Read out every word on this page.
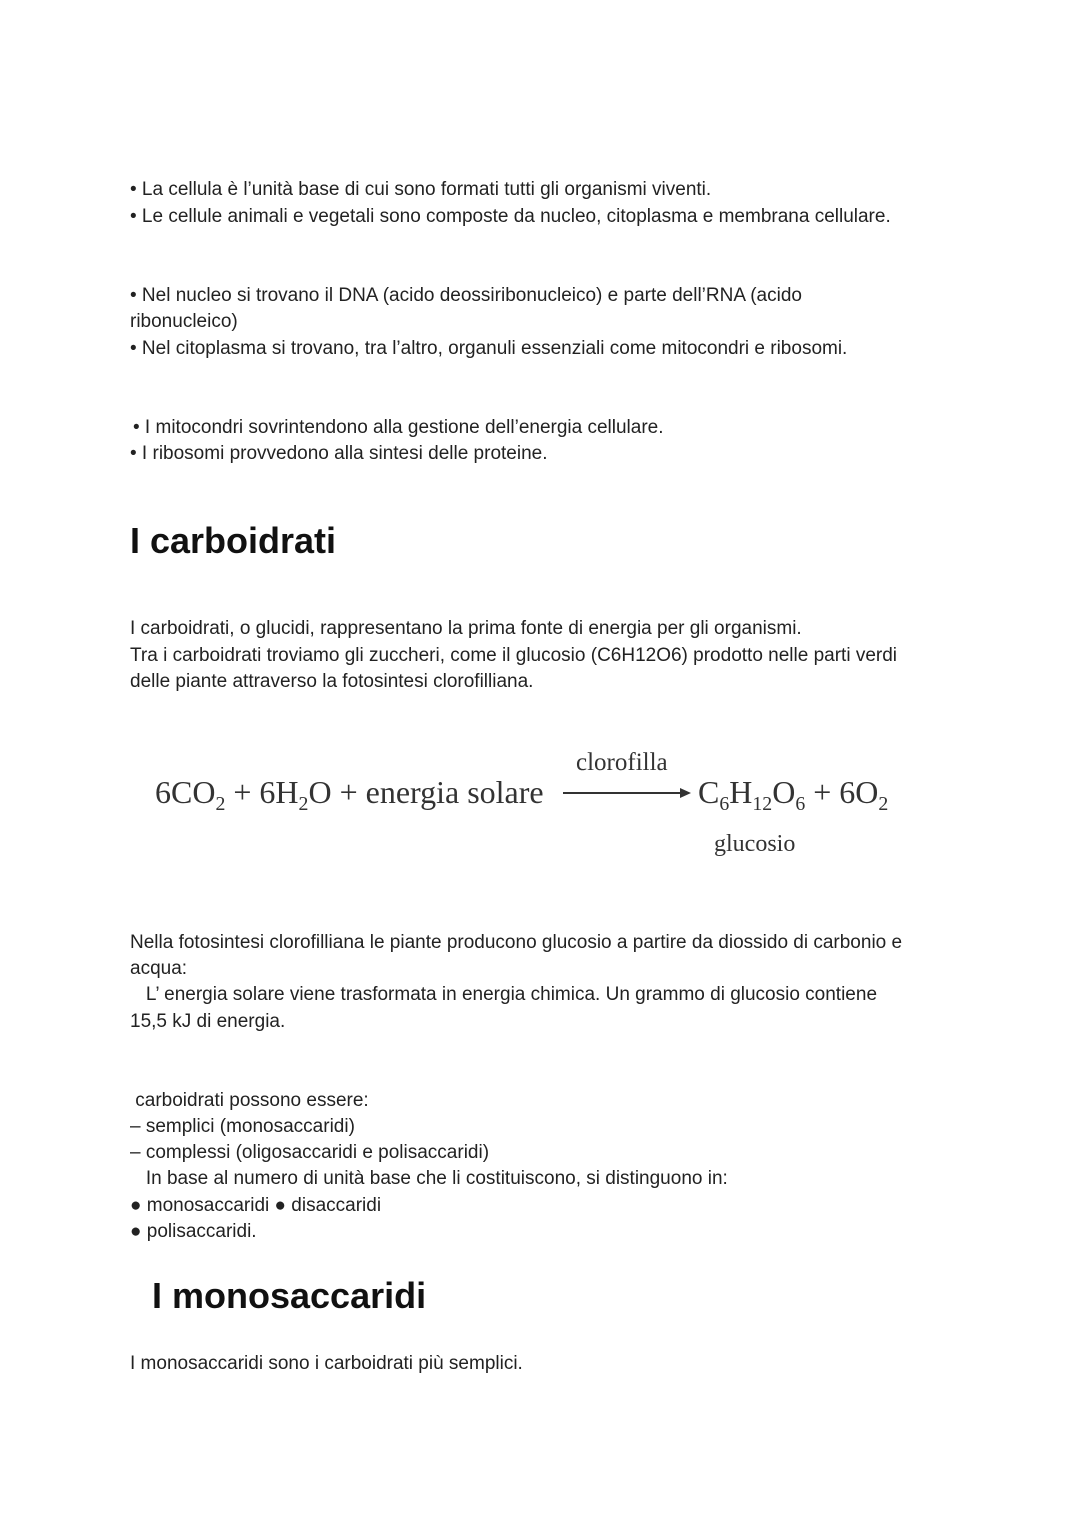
• La cellula è l’unità base di cui sono formati tutti gli organismi viventi.
• Le cellule animali e vegetali sono composte da nucleo, citoplasma e membrana cellulare.
• Nel nucleo si trovano il DNA (acido deossiribonucleico) e parte dell’RNA (acido
ribonucleico)
• Nel citoplasma si trovano, tra l’altro, organuli essenziali come mitocondri e ribosomi.
• I mitocondri sovrintendono alla gestione dell’energia cellulare.
• I ribosomi provvedono alla sintesi delle proteine.
I carboidrati
I carboidrati, o glucidi, rappresentano la prima fonte di energia per gli organismi.
Tra i carboidrati troviamo gli zuccheri, come il glucosio (C6H12O6) prodotto nelle parti verdi
delle piante attraverso la fotosintesi clorofilliana.
$6CO_2 + 6H_2O$ + energia solare
clorofilla
$C_6H_{12}O_6 + 6O_2$
glucosio
Nella fotosintesi clorofilliana le piante producono glucosio a partire da diossido di carbonio e
acqua:
L’ energia solare viene trasformata in energia chimica. Un grammo di glucosio contiene
15,5 kJ di energia.
carboidrati possono essere:
– semplici (monosaccaridi)
– complessi (oligosaccaridi e polisaccaridi)
In base al numero di unità base che li costituiscono, si distinguono in:
● monosaccaridi ● disaccaridi
● polisaccaridi.
I monosaccaridi
I monosaccaridi sono i carboidrati più semplici.
